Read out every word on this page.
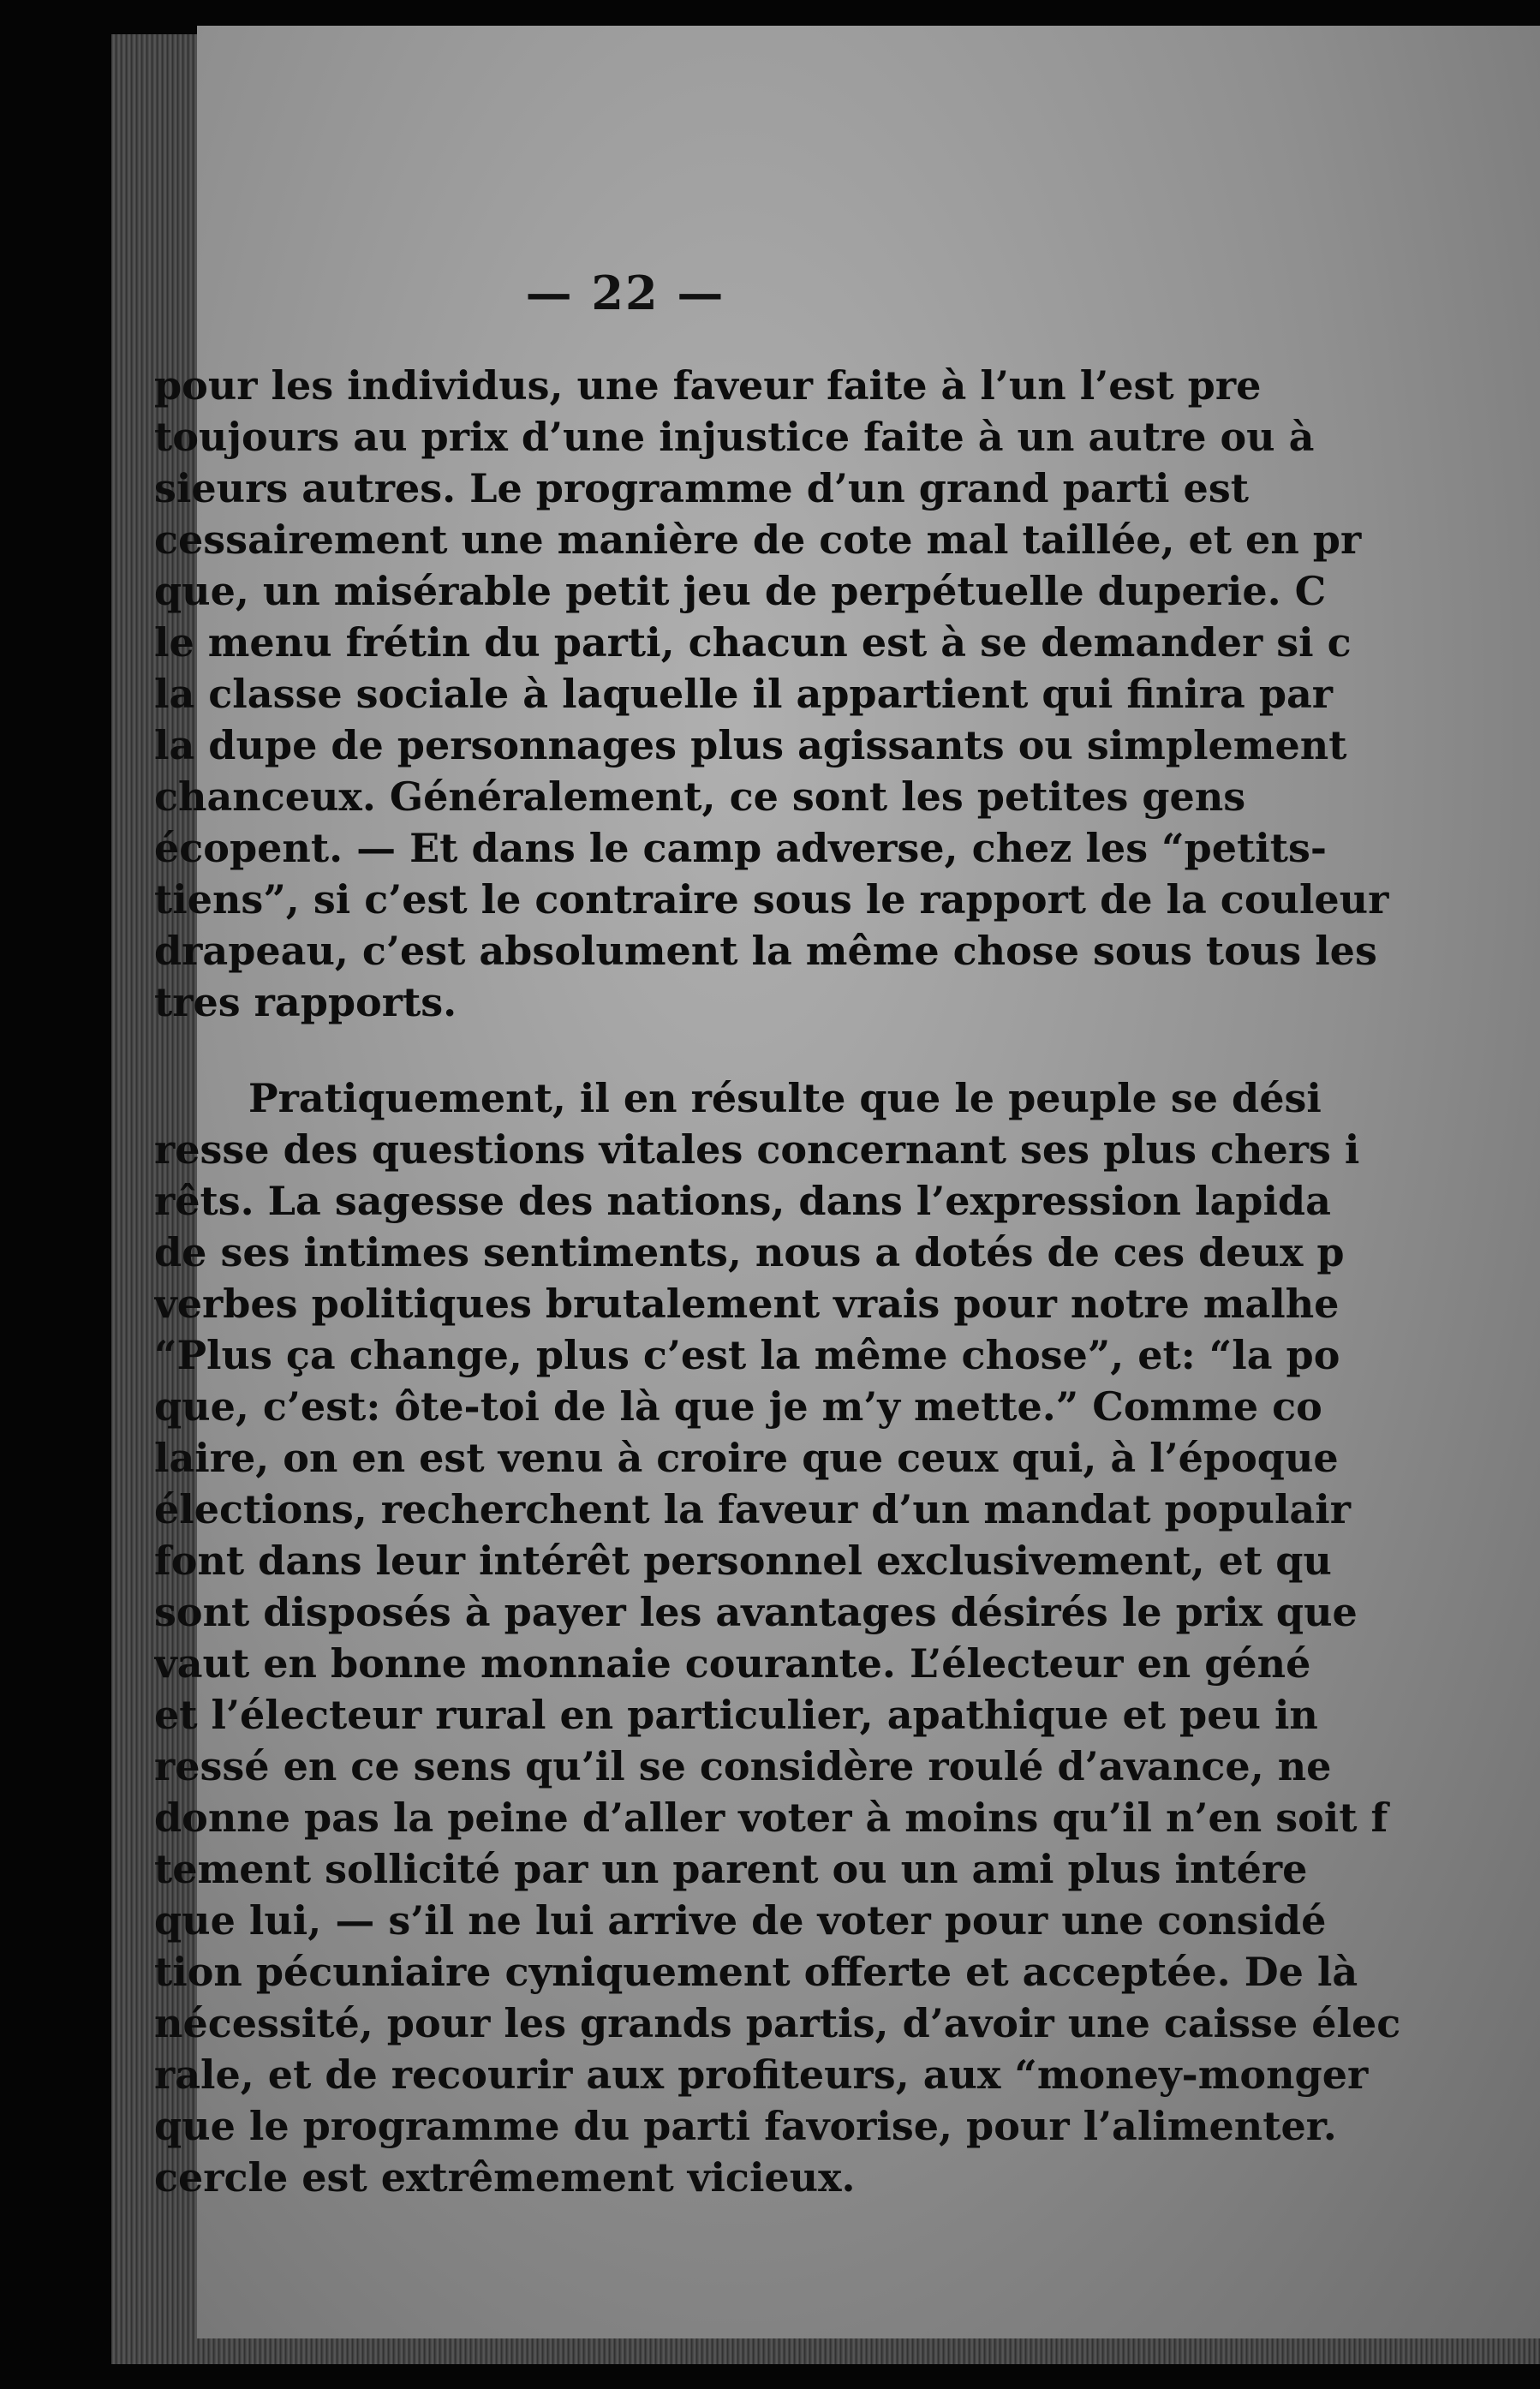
— 22 —
pour les individus, une faveur faite à l’un l’est pre
toujours au prix d’une injustice faite à un autre ou à
sieurs autres. Le programme d’un grand parti est
cessairement une manière de cote mal taillée, et en pr
que, un misérable petit jeu de perpétuelle duperie. C
le menu frétin du parti, chacun est à se demander si c
la classe sociale à laquelle il appartient qui finira par
la dupe de personnages plus agissants ou simplement
chanceux. Généralement, ce sont les petites gens
écopent. — Et dans le camp adverse, chez les “petits-
tiens”, si c’est le contraire sous le rapport de la couleur
drapeau, c’est absolument la même chose sous tous les
tres rapports.
Pratiquement, il en résulte que le peuple se dési
resse des questions vitales concernant ses plus chers i
rêts. La sagesse des nations, dans l’expression lapida
de ses intimes sentiments, nous a dotés de ces deux p
verbes politiques brutalement vrais pour notre malhe
“Plus ça change, plus c’est la même chose”, et: “la po
que, c’est: ôte-toi de là que je m’y mette.” Comme co
laire, on en est venu à croire que ceux qui, à l’époque
élections, recherchent la faveur d’un mandat populair
font dans leur intérêt personnel exclusivement, et qu
sont disposés à payer les avantages désirés le prix que
vaut en bonne monnaie courante. L’électeur en géné
et l’électeur rural en particulier, apathique et peu in
ressé en ce sens qu’il se considère roulé d’avance, ne
donne pas la peine d’aller voter à moins qu’il n’en soit f
tement sollicité par un parent ou un ami plus intére
que lui, — s’il ne lui arrive de voter pour une considé
tion pécuniaire cyniquement offerte et acceptée. De là
nécessité, pour les grands partis, d’avoir une caisse élec
rale, et de recourir aux profiteurs, aux “money-monger
que le programme du parti favorise, pour l’alimenter.
cercle est extrêmement vicieux.
